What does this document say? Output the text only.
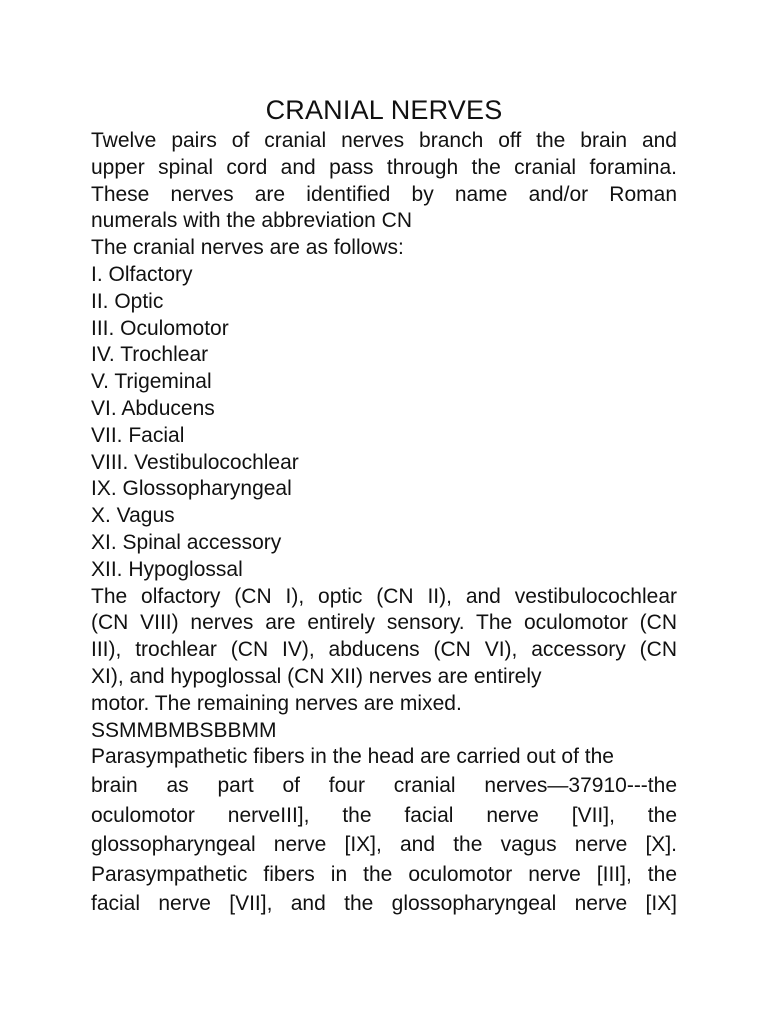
CRANIAL NERVES
Twelve pairs of cranial nerves branch off the brain and
upper spinal cord and pass through the cranial foramina.
These nerves are identified by name and/or Roman
numerals with the abbreviation CN
The cranial nerves are as follows:
I. Olfactory
II. Optic
III. Oculomotor
IV. Trochlear
V. Trigeminal
VI. Abducens
VII. Facial
VIII. Vestibulocochlear
IX. Glossopharyngeal
X. Vagus
XI. Spinal accessory
XII. Hypoglossal
The olfactory (CN I), optic (CN II), and vestibulocochlear
(CN VIII) nerves are entirely sensory. The oculomotor (CN
III), trochlear (CN IV), abducens (CN VI), accessory (CN
XI), and hypoglossal (CN XII) nerves are entirely
motor. The remaining nerves are mixed.
SSMMBMBSBBMM
Parasympathetic fibers in the head are carried out of the
brain as part of four cranial nerves—37910---the
oculomotor nerveIII], the facial nerve [VII], the
glossopharyngeal nerve [IX], and the vagus nerve [X].
Parasympathetic fibers in the oculomotor nerve [III], the
facial nerve [VII], and the glossopharyngeal nerve [IX]
